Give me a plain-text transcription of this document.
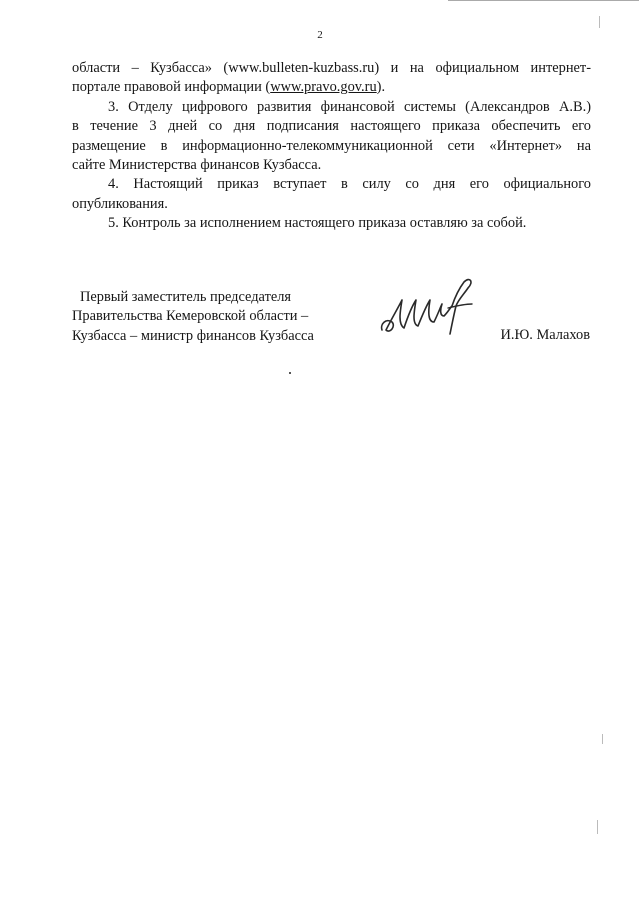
2
области – Кузбасса» (www.bulleten-kuzbass.ru) и на официальном интернет-
портале правовой информации (www.pravo.gov.ru).
3. Отделу цифрового развития финансовой системы (Александров А.В.)
в течение 3 дней со дня подписания настоящего приказа обеспечить его
размещение в информационно-телекоммуникационной сети «Интернет» на
сайте Министерства финансов Кузбасса.
4. Настоящий приказ вступает в силу со дня его официального
опубликования.
5. Контроль за исполнением настоящего приказа оставляю за собой.
Первый заместитель председателя
Правительства Кемеровской области –
Кузбасса – министр финансов Кузбасса	И.Ю. Малахов
